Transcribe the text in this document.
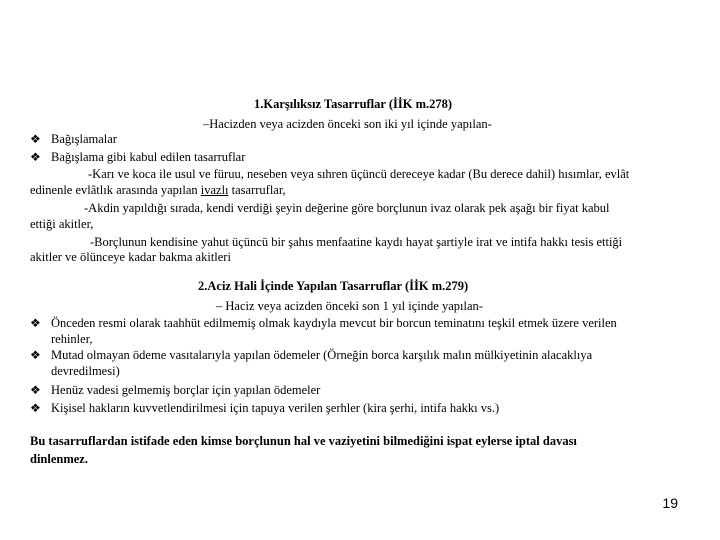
1.Karşılıksız Tasarruflar (İİK m.278)
–Hacizden veya acizden önceki son iki yıl içinde yapılan-
❖ Bağışlamalar
❖ Bağışlama gibi kabul edilen tasarruflar
-Karı ve koca ile usul ve füruu, neseben veya sıhren üçüncü dereceye kadar (Bu derece dahil) hısımlar, evlât
edinenle evlâtlık arasında yapılan ivazlı tasarruflar,
-Akdin yapıldığı sırada, kendi verdiği şeyin değerine göre borçlunun ivaz olarak pek aşağı bir fiyat kabul
ettiği akitler,
-Borçlunun kendisine yahut üçüncü bir şahıs menfaatine kaydı hayat şartiyle irat ve intifa hakkı tesis ettiği
akitler ve ölünceye kadar bakma akitleri
2.Aciz Hali İçinde Yapılan Tasarruflar (İİK m.279)
– Haciz veya acizden önceki son 1 yıl içinde yapılan-
❖ Önceden resmi olarak taahhüt edilmemiş olmak kaydıyla mevcut bir borcun teminatını teşkil etmek üzere verilen
rehinler,
❖ Mutad olmayan ödeme vasıtalarıyla yapılan ödemeler (Örneğin borca karşılık malın mülkiyetinin alacaklıya
devredilmesi)
❖ Henüz vadesi gelmemiş borçlar için yapılan ödemeler
❖ Kişisel hakların kuvvetlendirilmesi için tapuya verilen şerhler (kira şerhi, intifa hakkı vs.)
Bu tasarruflardan istifade eden kimse borçlunun hal ve vaziyetini bilmediğini ispat eylerse iptal davası
dinlenmez.
19
